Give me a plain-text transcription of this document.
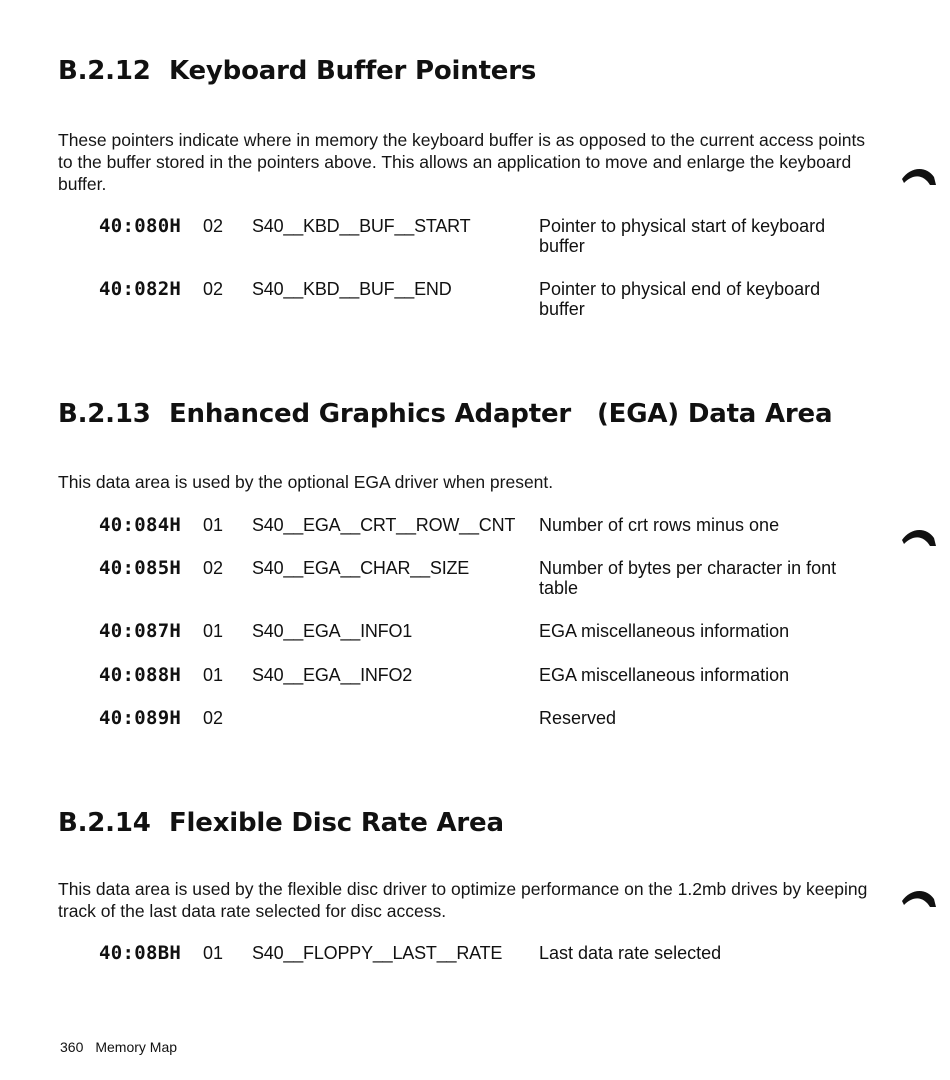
B.2.12 Keyboard Buffer Pointers

These pointers indicate where in memory the keyboard buffer is as opposed to the current access points to the buffer stored in the pointers above. This allows an application to move and enlarge the keyboard buffer.

40:080H 02 S40__KBD__BUF__START	Pointer to physical start of keyboard buffer
40:082H 02 S40__KBD__BUF__END	Pointer to physical end of keyboard buffer
B.2.13 Enhanced Graphics Adapter (EGA) Data Area

This data area is used by the optional EGA driver when present.

40:084H 01 S40__EGA__CRT__ROW__CNT Number of crt rows minus one
40:085H 02 S40__EGA__CHAR__SIZE	Number of bytes per character in font table
40:087H 01 S40__EGA__INFO1	EGA miscellaneous information
40:088H 01 S40__EGA__INFO2	EGA miscellaneous information
40:089H 02	Reserved
B.2.14 Flexible Disc Rate Area

This data area is used by the flexible disc driver to optimize performance on the 1.2mb drives by keeping track of the last data rate selected for disc access.

40:08BH 01 S40__FLOPPY__LAST__RATE Last data rate selected
360 Memory Map
